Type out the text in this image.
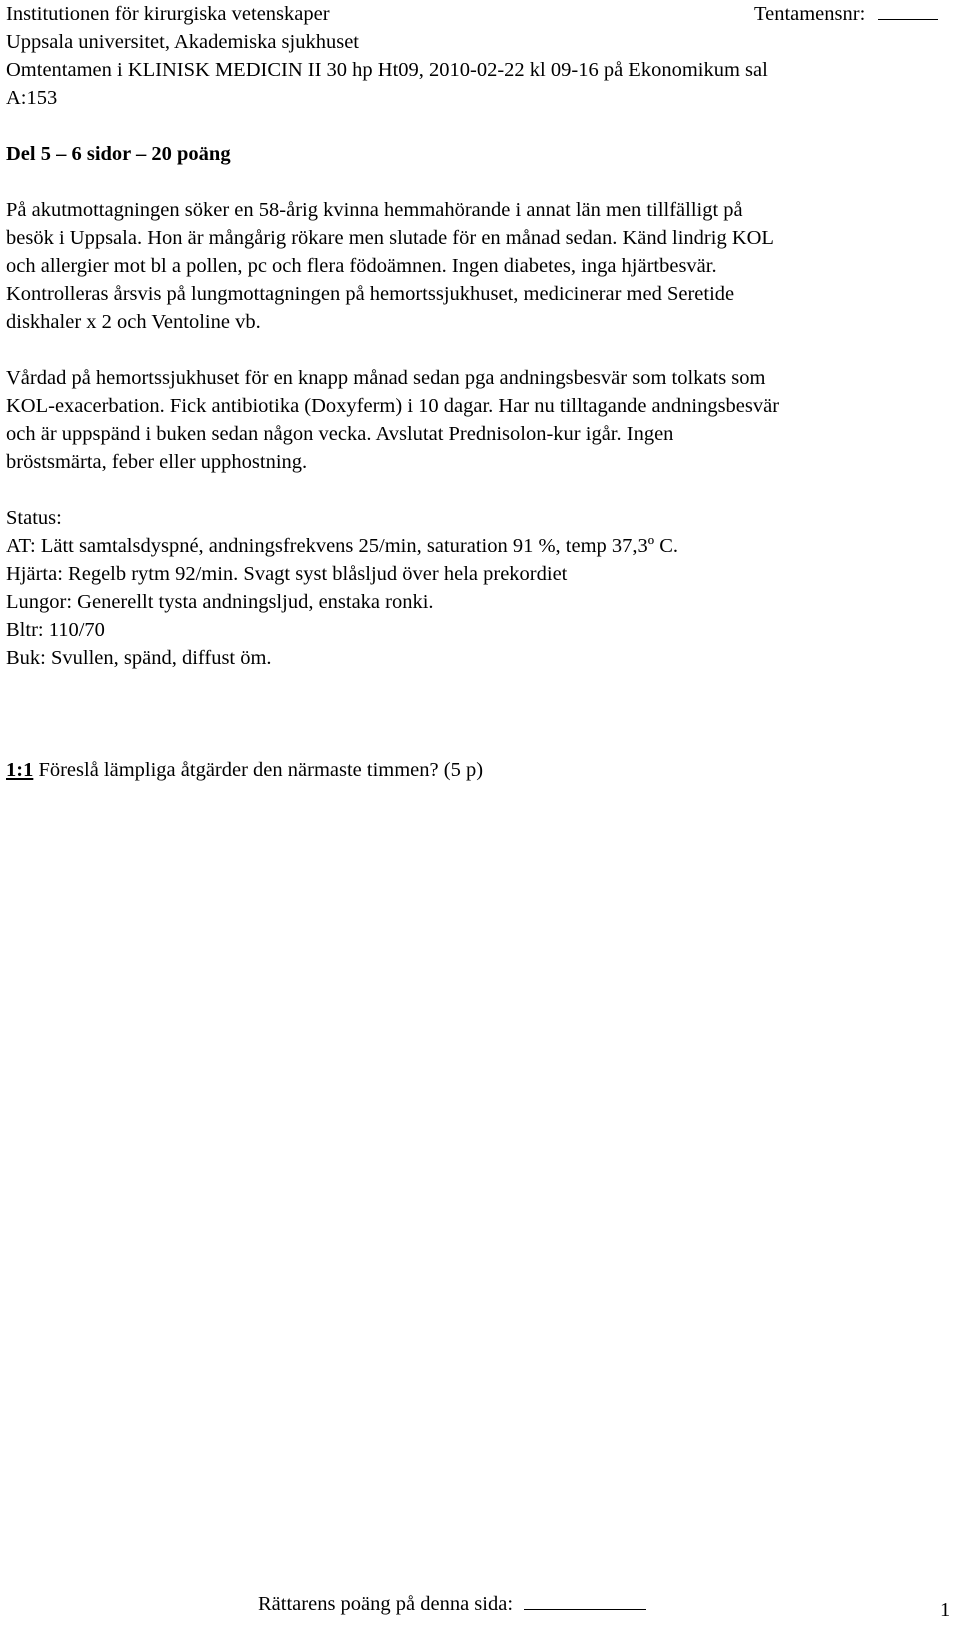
Institutionen för kirurgiska vetenskaper	Tentamensnr:
Uppsala universitet, Akademiska sjukhuset
Omtentamen i KLINISK MEDICIN II 30 hp Ht09, 2010-02-22 kl 09-16 på Ekonomikum sal
A:153
Del 5 – 6 sidor – 20 poäng

På akutmottagningen söker en 58-årig kvinna hemmahörande i annat län men tillfälligt på

besök i Uppsala. Hon är mångårig rökare men slutade för en månad sedan. Känd lindrig KOL

och allergier mot bl a pollen, pc och flera födoämnen. Ingen diabetes, inga hjärtbesvär.

Kontrolleras årsvis på lungmottagningen på hemortssjukhuset, medicinerar med Seretide

diskhaler x 2 och Ventoline vb.

Vårdad på hemortssjukhuset för en knapp månad sedan pga andningsbesvär som tolkats som

KOL-exacerbation. Fick antibiotika (Doxyferm) i 10 dagar. Har nu tilltagande andningsbesvär

och är uppspänd i buken sedan någon vecka. Avslutat Prednisolon-kur igår. Ingen

bröstsmärta, feber eller upphostning.

Status:

AT: Lätt samtalsdyspné, andningsfrekvens 25/min, saturation 91 %, temp 37,3º C.

Hjärta: Regelb rytm 92/min. Svagt syst blåsljud över hela prekordiet

Lungor: Generellt tysta andningsljud, enstaka ronki.

Bltr: 110/70

Buk: Svullen, spänd, diffust öm.

1:1 Föreslå lämpliga åtgärder den närmaste timmen? (5 p)
1
Rättarens poäng på denna sida:
